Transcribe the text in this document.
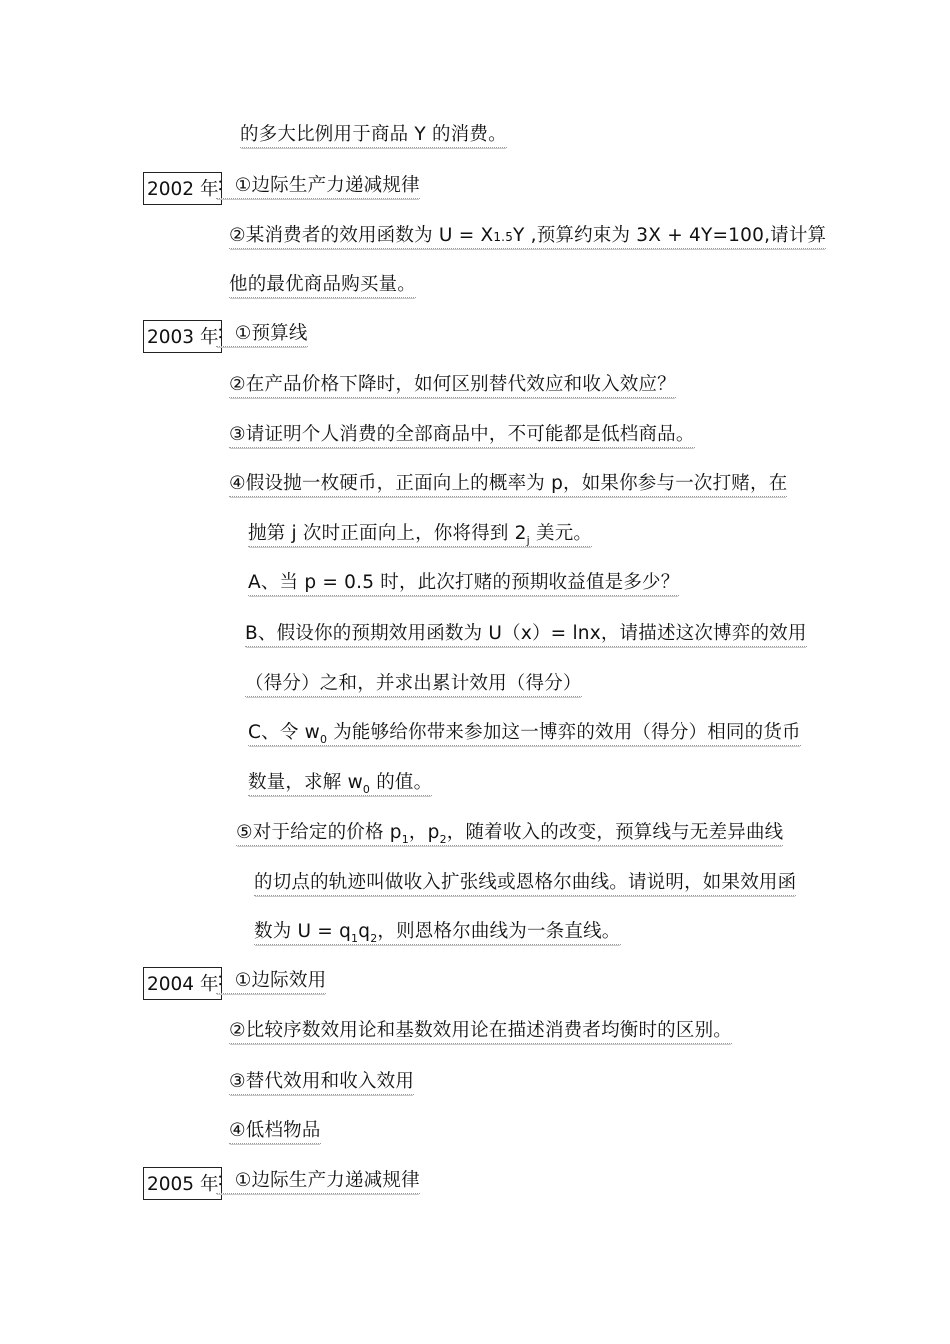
的多大比例用于商品 Y 的消费。
2002 年
：①边际生产力递减规律
②某消费者的效用函数为 U = X1.5Y ,预算约束为 3X + 4Y=100,请计算
他的最优商品购买量。
2003 年
：①预算线
②在产品价格下降时，如何区别替代效应和收入效应？
③请证明个人消费的全部商品中，不可能都是低档商品。
④假设抛一枚硬币，正面向上的概率为 p，如果你参与一次打赌，在
抛第 j 次时正面向上，你将得到 $2_j$ 美元。
A、当 p = 0.5 时，此次打赌的预期收益值是多少？
B、假设你的预期效用函数为 U（x）= lnx，请描述这次博弈的效用
（得分）之和，并求出累计效用（得分）
C、令 $w_0$ 为能够给你带来参加这一博弈的效用（得分）相同的货币
数量，求解 $w_0$ 的值。
⑤对于给定的价格 $p_1$，$p_2$，随着收入的改变，预算线与无差异曲线
的切点的轨迹叫做收入扩张线或恩格尔曲线。请说明，如果效用函
数为 $U = q_1q_2$，则恩格尔曲线为一条直线。
2004 年
：①边际效用
②比较序数效用论和基数效用论在描述消费者均衡时的区别。
③替代效用和收入效用
④低档物品
2005 年
：①边际生产力递减规律
